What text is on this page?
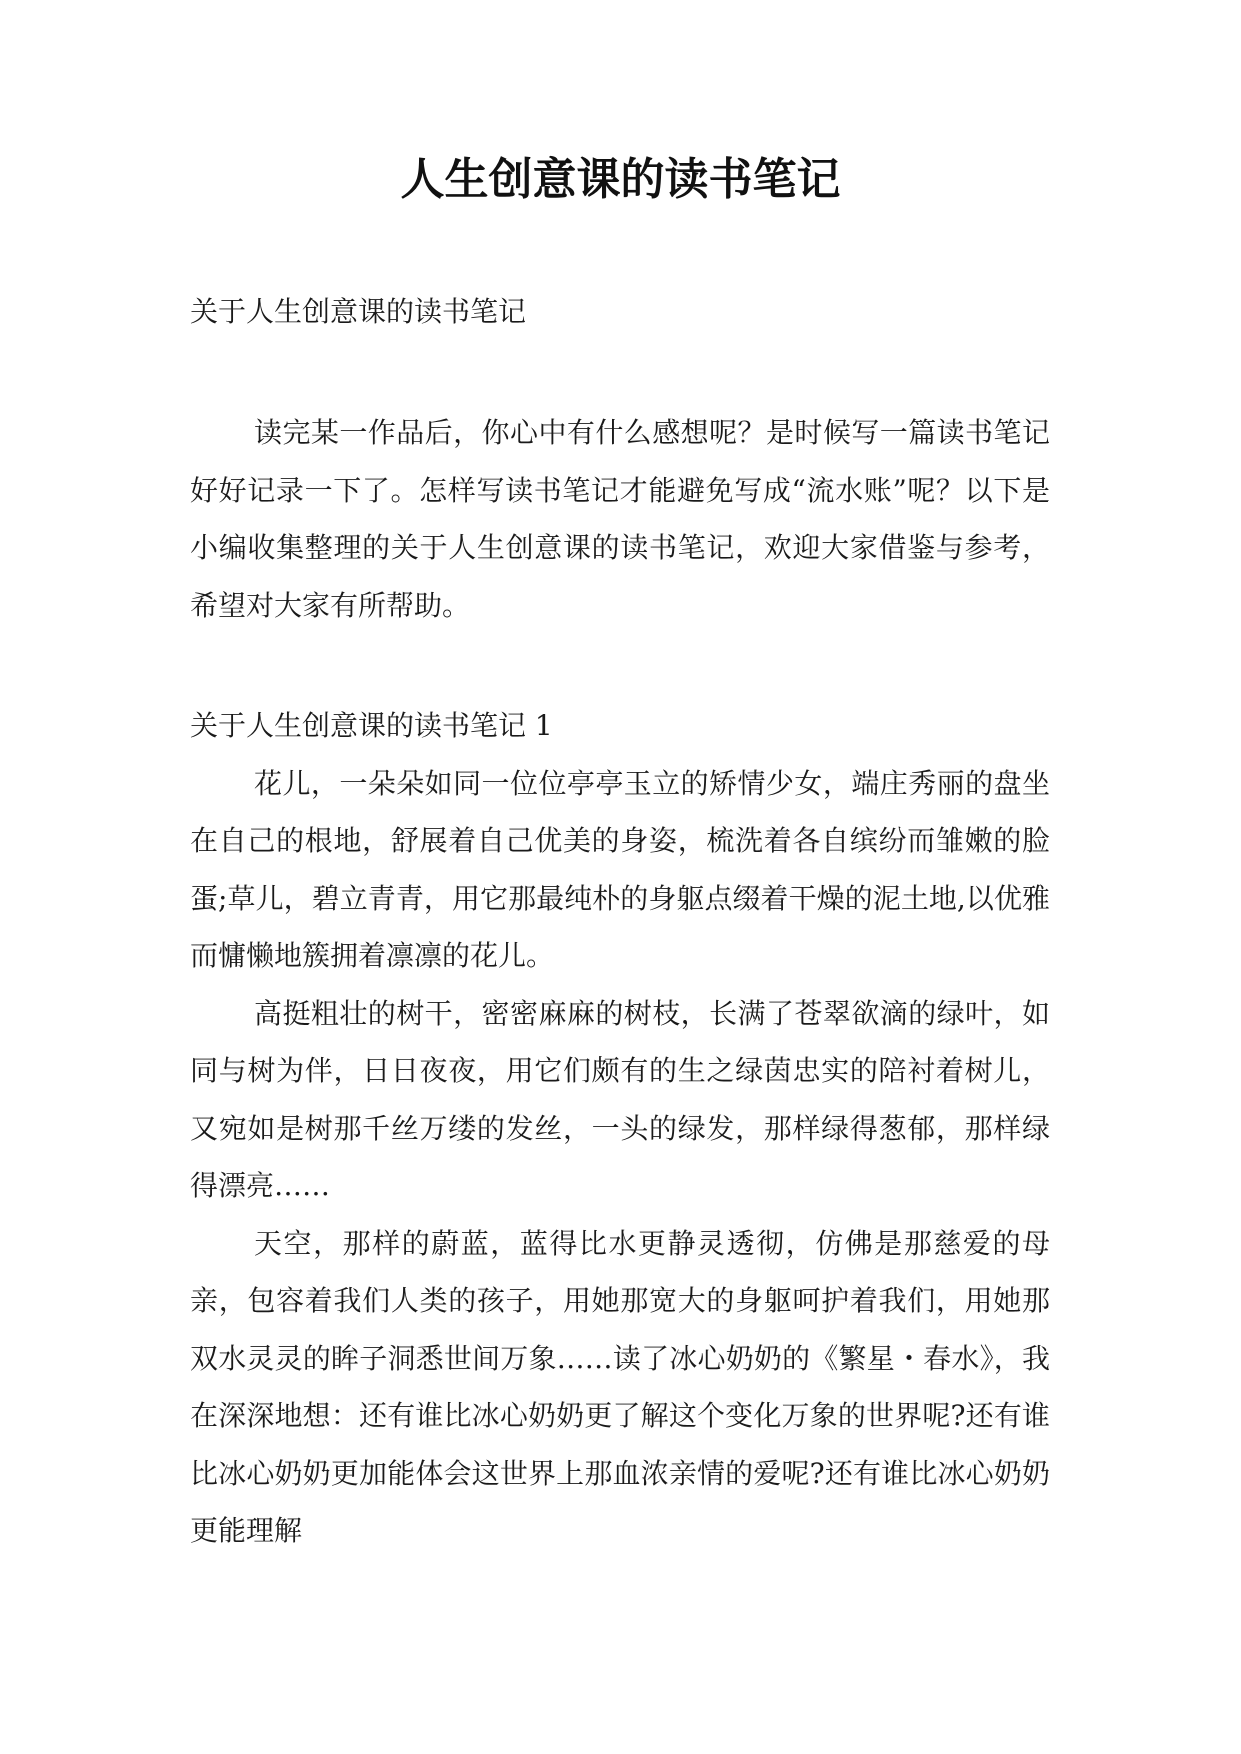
人生创意课的读书笔记

关于人生创意课的读书笔记

读完某一作品后，你心中有什么感想呢？是时候写一篇读书笔记好好记录一下了。怎样写读书笔记才能避免写成“流水账”呢？以下是小编收集整理的关于人生创意课的读书笔记，欢迎大家借鉴与参考，希望对大家有所帮助。

关于人生创意课的读书笔记 1

花儿，一朵朵如同一位位亭亭玉立的矫情少女，端庄秀丽的盘坐在自己的根地，舒展着自己优美的身姿，梳洗着各自缤纷而雏嫩的脸蛋;草儿，碧立青青，用它那最纯朴的身躯点缀着干燥的泥土地,以优雅而慵懒地簇拥着凛凛的花儿。

高挺粗壮的树干，密密麻麻的树枝，长满了苍翠欲滴的绿叶，如同与树为伴，日日夜夜，用它们颇有的生之绿茵忠实的陪衬着树儿，又宛如是树那千丝万缕的发丝，一头的绿发，那样绿得葱郁，那样绿得漂亮……

天空，那样的蔚蓝，蓝得比水更静灵透彻，仿佛是那慈爱的母亲，包容着我们人类的孩子，用她那宽大的身躯呵护着我们，用她那双水灵灵的眸子洞悉世间万象……读了冰心奶奶的《繁星・春水》，我在深深地想：还有谁比冰心奶奶更了解这个变化万象的世界呢?还有谁比冰心奶奶更加能体会这世界上那血浓亲情的爱呢?还有谁比冰心奶奶更能理解
